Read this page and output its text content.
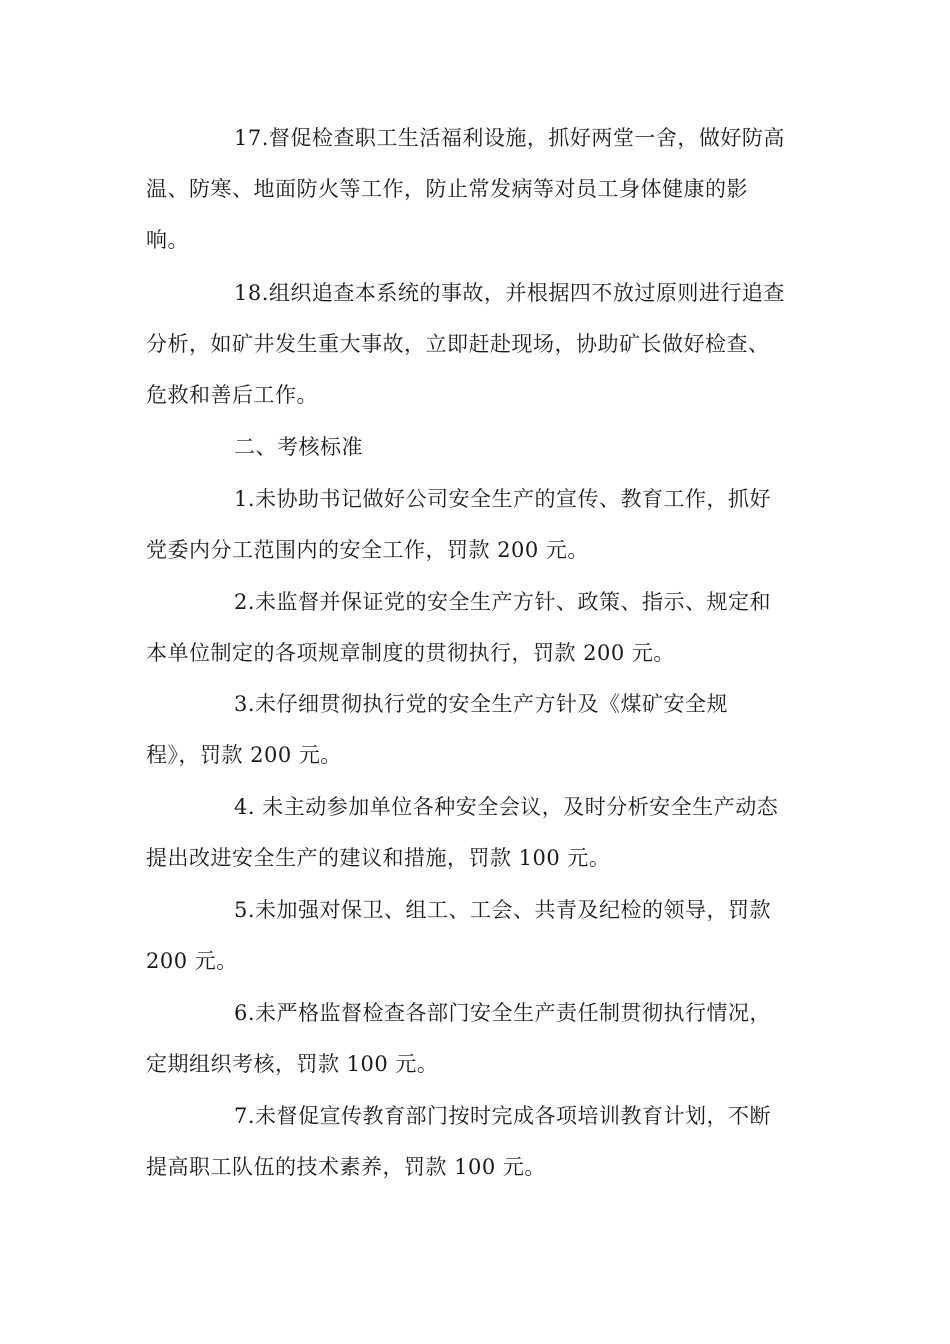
17.督促检查职工生活福利设施，抓好两堂一舍，做好防高
温、防寒、地面防火等工作，防止常发病等对员工身体健康的影
响。
18.组织追查本系统的事故，并根据四不放过原则进行追查
分析，如矿井发生重大事故，立即赶赴现场，协助矿长做好检查、
危救和善后工作。
二、考核标准
1.未协助书记做好公司安全生产的宣传、教育工作，抓好
党委内分工范围内的安全工作，罚款 200 元。
2.未监督并保证党的安全生产方针、政策、指示、规定和
本单位制定的各项规章制度的贯彻执行，罚款 200 元。
3.未仔细贯彻执行党的安全生产方针及《煤矿安全规
程》，罚款 200 元。
4. 未主动参加单位各种安全会议，及时分析安全生产动态
提出改进安全生产的建议和措施，罚款 100 元。
5.未加强对保卫、组工、工会、共青及纪检的领导，罚款
200 元。
6.未严格监督检查各部门安全生产责任制贯彻执行情况，
定期组织考核，罚款 100 元。
7.未督促宣传教育部门按时完成各项培训教育计划，不断
提高职工队伍的技术素养，罚款 100 元。
